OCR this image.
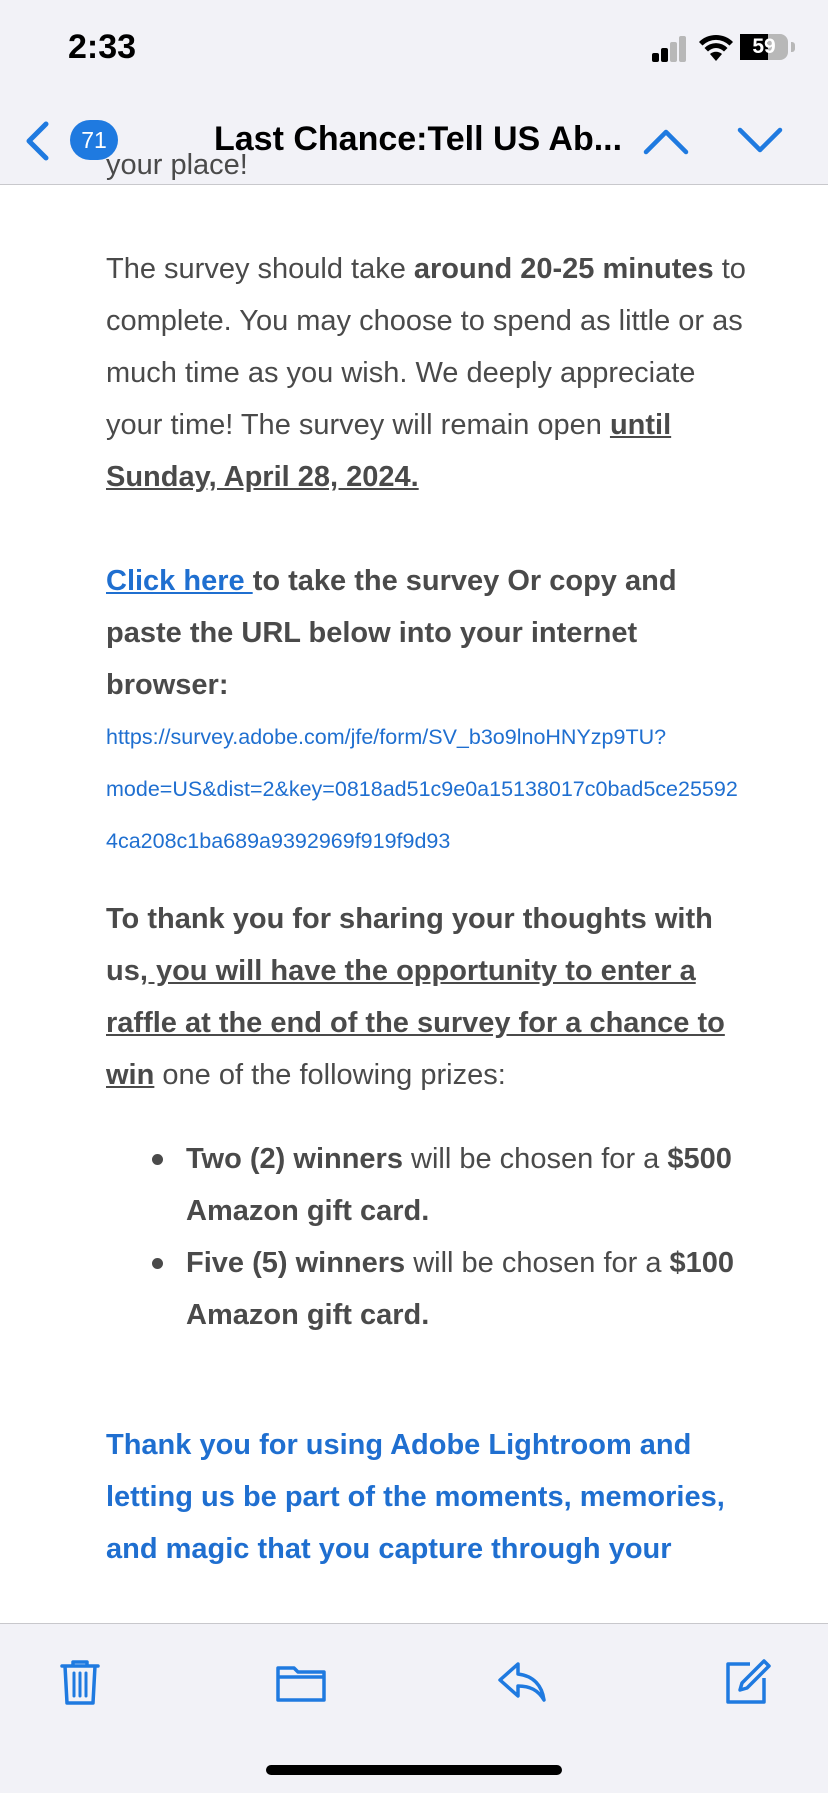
2:33	59
71	Last Chance:Tell US Ab...

your place!

The survey should take around 20-25 minutes to complete. You may choose to spend as little or as much time as you wish. We deeply appreciate your time! The survey will remain open until Sunday, April 28, 2024.

Click here to take the survey Or copy and paste the URL below into your internet browser:

https://survey.adobe.com/jfe/form/SV_b3o9lnoHNYzp9TU?

mode=US&dist=2&key=0818ad51c9e0a15138017c0bad5ce25592

4ca208c1ba689a9392969f919f9d93

To thank you for sharing your thoughts with us, you will have the opportunity to enter a raffle at the end of the survey for a chance to win one of the following prizes:

Two (2) winners will be chosen for a $500 Amazon gift card.
Five (5) winners will be chosen for a $100 Amazon gift card.

Thank you for using Adobe Lightroom and letting us be part of the moments, memories, and magic that you capture through your
